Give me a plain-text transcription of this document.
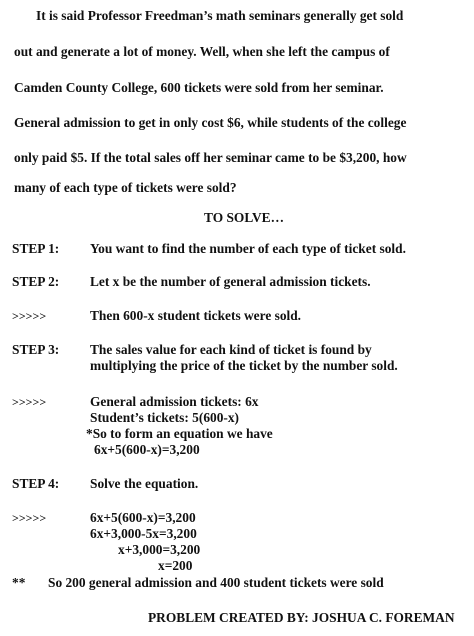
It is said Professor Freedman’s math seminars generally get sold
out and generate a lot of money. Well, when she left the campus of
Camden County College, 600 tickets were sold from her seminar.
General admission to get in only cost $6, while students of the college
only paid $5. If the total sales off her seminar came to be $3,200, how
many of each type of tickets were sold?
TO SOLVE…
STEP 1: You want to find the number of each type of ticket sold.
STEP 2: Let x be the number of general admission tickets.
>>>>>	Then 600-x student tickets were sold.
STEP 3: The sales value for each kind of ticket is found by
multiplying the price of the ticket by the number sold.
>>>>>	General admission tickets: 6x
Student’s tickets: 5(600-x)
*So to form an equation we have
6x+5(600-x)=3,200
STEP 4: Solve the equation.
>>>>>	6x+5(600-x)=3,200
6x+3,000-5x=3,200
x+3,000=3,200
x=200
** So 200 general admission and 400 student tickets were sold
PROBLEM CREATED BY: JOSHUA C. FOREMAN
